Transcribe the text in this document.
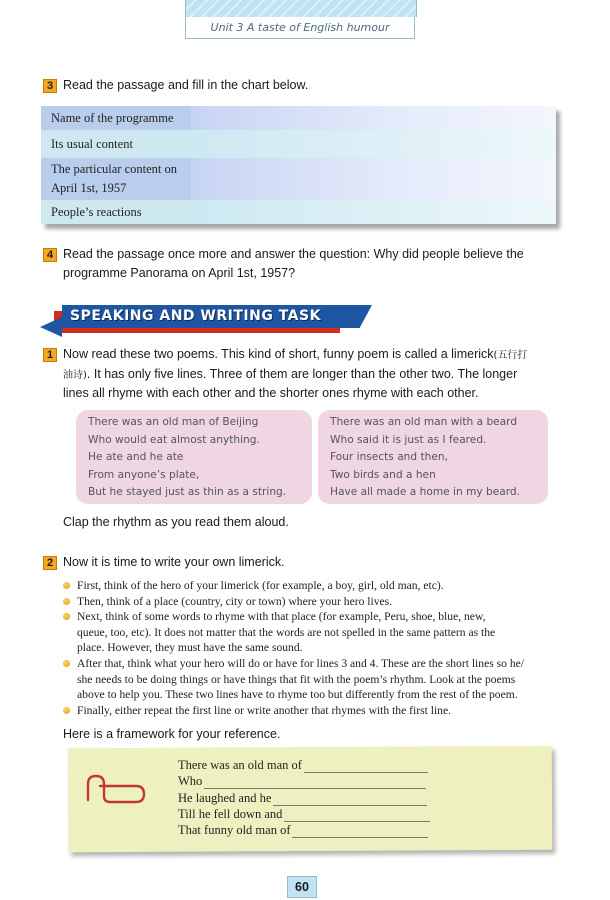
Unit 3 A taste of English humour
3 Read the passage and fill in the chart below.
Name of the programme
Its usual content
The particular content on
April 1st, 1957
People’s reactions
4 Read the passage once more and answer the question: Why did people believe the
programme Panorama on April 1st, 1957?
SPEAKING AND WRITING TASK
1 Now read these two poems. This kind of short, funny poem is called a limerick(五行打
油诗). It has only five lines. Three of them are longer than the other two. The longer
lines all rhyme with each other and the shorter ones rhyme with each other.
There was an old man of Beijing
Who would eat almost anything.
He ate and he ate
From anyone’s plate,
But he stayed just as thin as a string.
There was an old man with a beard
Who said it is just as I feared.
Four insects and then,
Two birds and a hen
Have all made a home in my beard.
Clap the rhythm as you read them aloud.
2 Now it is time to write your own limerick.
First, think of the hero of your limerick (for example, a boy, girl, old man, etc).
Then, think of a place (country, city or town) where your hero lives.
Next, think of some words to rhyme with that place (for example, Peru, shoe, blue, new,
queue, too, etc). It does not matter that the words are not spelled in the same pattern as the
place. However, they must have the same sound.
After that, think what your hero will do or have for lines 3 and 4. These are the short lines so he/
she needs to be doing things or have things that fit with the poem’s rhythm. Look at the poems
above to help you. These two lines have to rhyme too but differently from the rest of the poem.
Finally, either repeat the first line or write another that rhymes with the first line.
Here is a framework for your reference.
There was an old man of
Who
He laughed and he
Till he fell down and
That funny old man of
60
